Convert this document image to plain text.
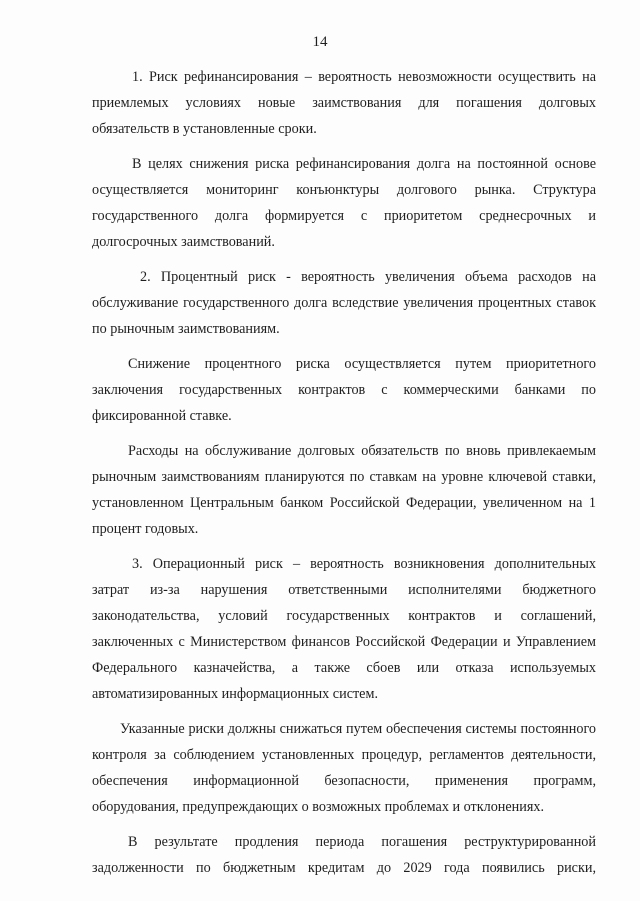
14

1. Риск рефинансирования – вероятность невозможности осуществить на приемлемых условиях новые заимствования для погашения долговых обязательств в установленные сроки.

В целях снижения риска рефинансирования долга на постоянной основе осуществляется мониторинг конъюнктуры долгового рынка. Структура государственного долга формируется с приоритетом среднесрочных и долгосрочных заимствований.

2. Процентный риск - вероятность увеличения объема расходов на обслуживание государственного долга вследствие увеличения процентных ставок по рыночным заимствованиям.

Снижение процентного риска осуществляется путем приоритетного заключения государственных контрактов с коммерческими банками по фиксированной ставке.

Расходы на обслуживание долговых обязательств по вновь привлекаемым рыночным заимствованиям планируются по ставкам на уровне ключевой ставки, установленном Центральным банком Российской Федерации, увеличенном на 1 процент годовых.

3. Операционный риск – вероятность возникновения дополнительных затрат из-за нарушения ответственными исполнителями бюджетного законодательства, условий государственных контрактов и соглашений, заключенных с Министерством финансов Российской Федерации и Управлением Федерального казначейства, а также сбоев или отказа используемых автоматизированных информационных систем.

Указанные риски должны снижаться путем обеспечения системы постоянного контроля за соблюдением установленных процедур, регламентов деятельности, обеспечения информационной безопасности, применения программ, оборудования, предупреждающих о возможных проблемах и отклонениях.

В результате продления периода погашения реструктурированной задолженности по бюджетным кредитам до 2029 года появились риски,
